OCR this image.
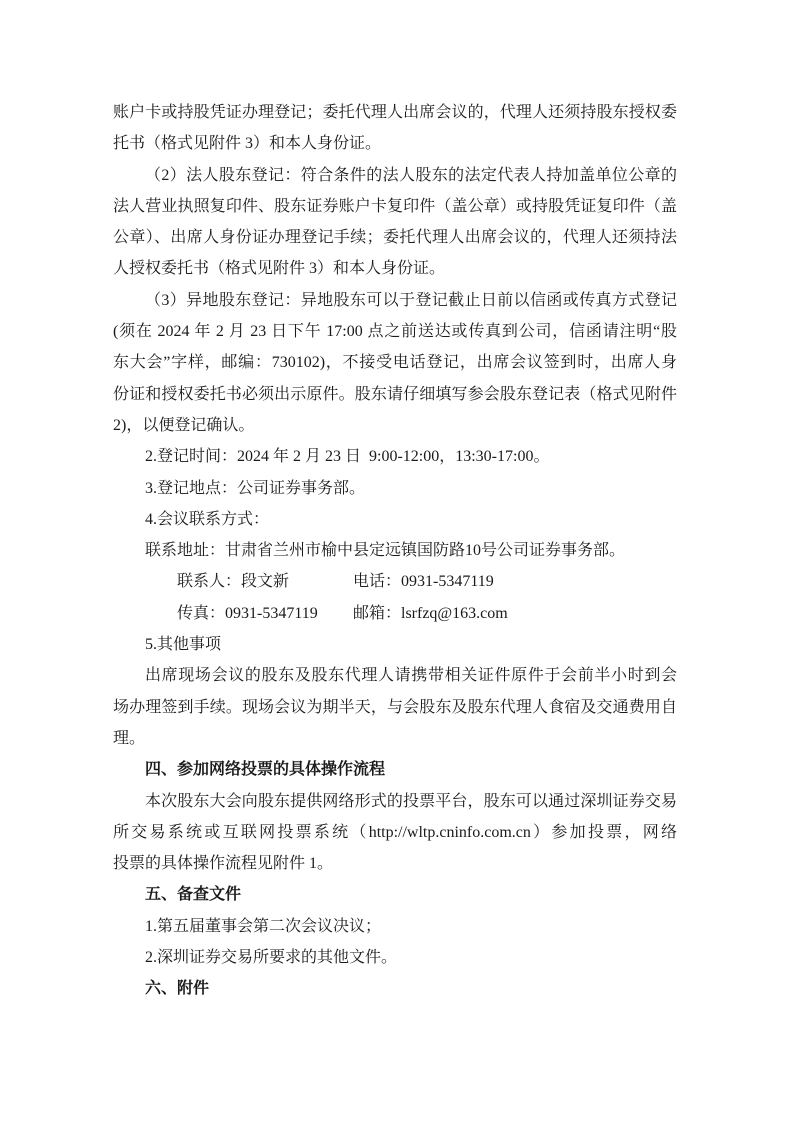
账户卡或持股凭证办理登记；委托代理人出席会议的，代理人还须持股东授权委
托书（格式见附件 3）和本人身份证。
（2）法人股东登记：符合条件的法人股东的法定代表人持加盖单位公章的
法人营业执照复印件、股东证券账户卡复印件（盖公章）或持股凭证复印件（盖
公章）、出席人身份证办理登记手续；委托代理人出席会议的，代理人还须持法
人授权委托书（格式见附件 3）和本人身份证。
（3）异地股东登记：异地股东可以于登记截止日前以信函或传真方式登记
(须在 2024 年 2 月 23 日下午 17:00 点之前送达或传真到公司，信函请注明“股
东大会”字样，邮编：730102)，不接受电话登记，出席会议签到时，出席人身
份证和授权委托书必须出示原件。股东请仔细填写参会股东登记表（格式见附件
2)，以便登记确认。
2.登记时间：2024 年 2 月 23 日  9:00-12:00，13:30-17:00。
3.登记地点：公司证券事务部。
4.会议联系方式：
联系地址：甘肃省兰州市榆中县定远镇国防路10号公司证券事务部。
联系人：段文新	电话：0931-5347119
传真：0931-5347119 邮箱：lsrfzq@163.com
5.其他事项
出席现场会议的股东及股东代理人请携带相关证件原件于会前半小时到会
场办理签到手续。现场会议为期半天，与会股东及股东代理人食宿及交通费用自
理。
四、参加网络投票的具体操作流程
本次股东大会向股东提供网络形式的投票平台，股东可以通过深圳证券交易
所交易系统或互联网投票系统（http://wltp.cninfo.com.cn）参加投票，网络
投票的具体操作流程见附件 1。
五、备查文件
1.第五届董事会第二次会议决议；
2.深圳证券交易所要求的其他文件。
六、附件
